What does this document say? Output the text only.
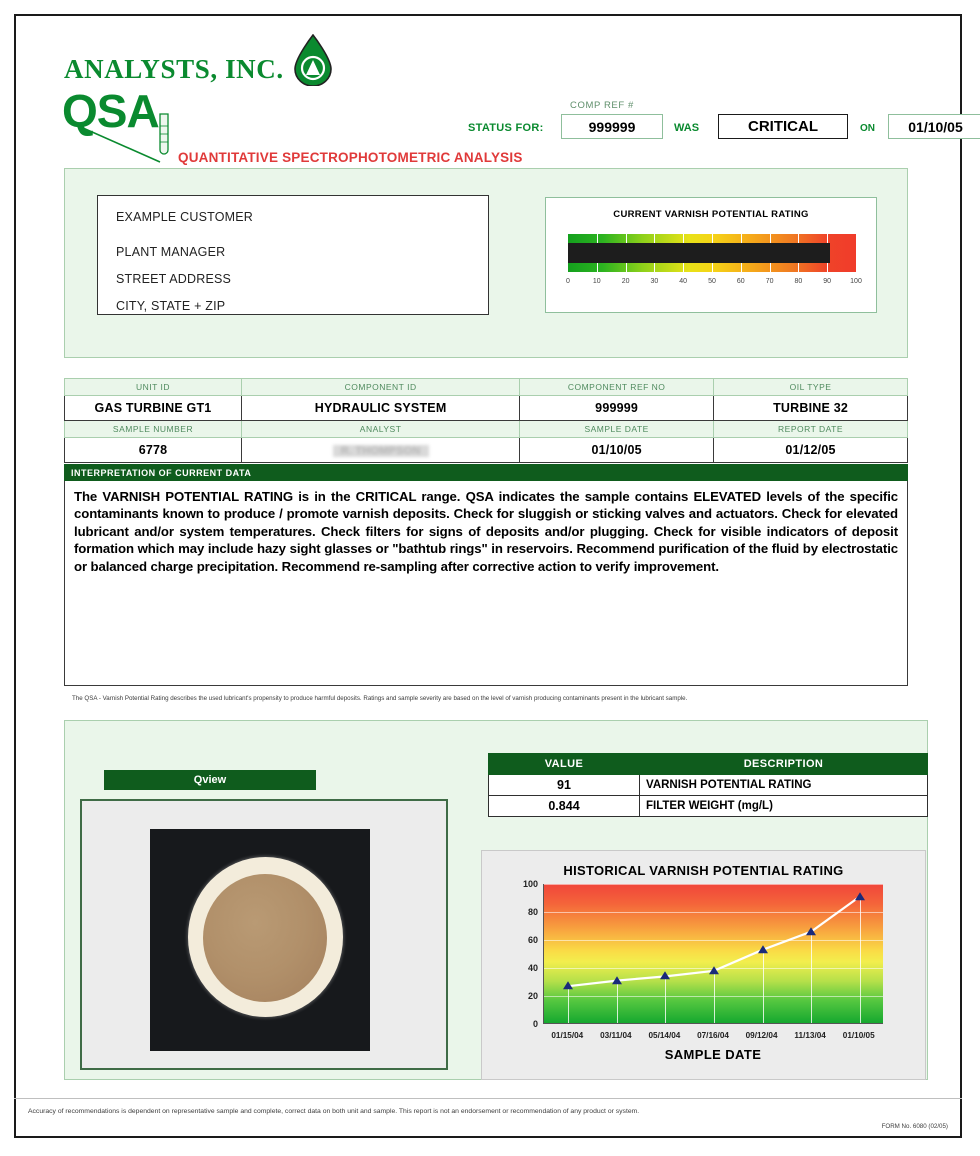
ANALYSTS, INC.
QSA
QUANTITATIVE SPECTROPHOTOMETRIC ANALYSIS
COMP REF #
STATUS FOR:	999999	WAS	CRITICAL	ON	01/10/05
EXAMPLE CUSTOMER
PLANT MANAGER
STREET ADDRESS
CITY, STATE + ZIP
CURRENT VARNISH POTENTIAL RATING
0	10	20	30	40	50	60	70	80	90	100
UNIT ID	COMPONENT ID	COMPONENT REF NO	OIL TYPE
GAS TURBINE GT1	HYDRAULIC SYSTEM	999999	TURBINE 32
SAMPLE NUMBER	ANALYST	SAMPLE DATE	REPORT DATE
6778	R. THOMPSON	01/10/05	01/12/05
INTERPRETATION OF CURRENT DATA

The VARNISH POTENTIAL RATING is in the CRITICAL range. QSA indicates the sample contains ELEVATED levels of the specific contaminants known to produce / promote varnish deposits. Check for sluggish or sticking valves and actuators. Check for elevated lubricant and/or system temperatures. Check filters for signs of deposits and/or plugging. Check for visible indicators of deposit formation which may include hazy sight glasses or "bathtub rings" in reservoirs. Recommend purification of the fluid by electrostatic or balanced charge precipitation. Recommend re-sampling after corrective action to verify improvement.

The QSA - Varnish Potential Rating describes the used lubricant's propensity to produce harmful deposits. Ratings and sample severity are based on the level of varnish producing contaminants present in the lubricant sample.
Qview
VALUE	DESCRIPTION
91	VARNISH POTENTIAL RATING
0.844	FILTER WEIGHT (mg/L)
HISTORICAL VARNISH POTENTIAL RATING
0
20
40
60
80
100
01/15/04 03/11/04 05/14/04 07/16/04 09/12/04 11/13/04 01/10/05
SAMPLE DATE
Accuracy of recommendations is dependent on representative sample and complete, correct data on both unit and sample. This report is not an endorsement or recommendation of any product or system.
FORM No. 6080 (02/05)
